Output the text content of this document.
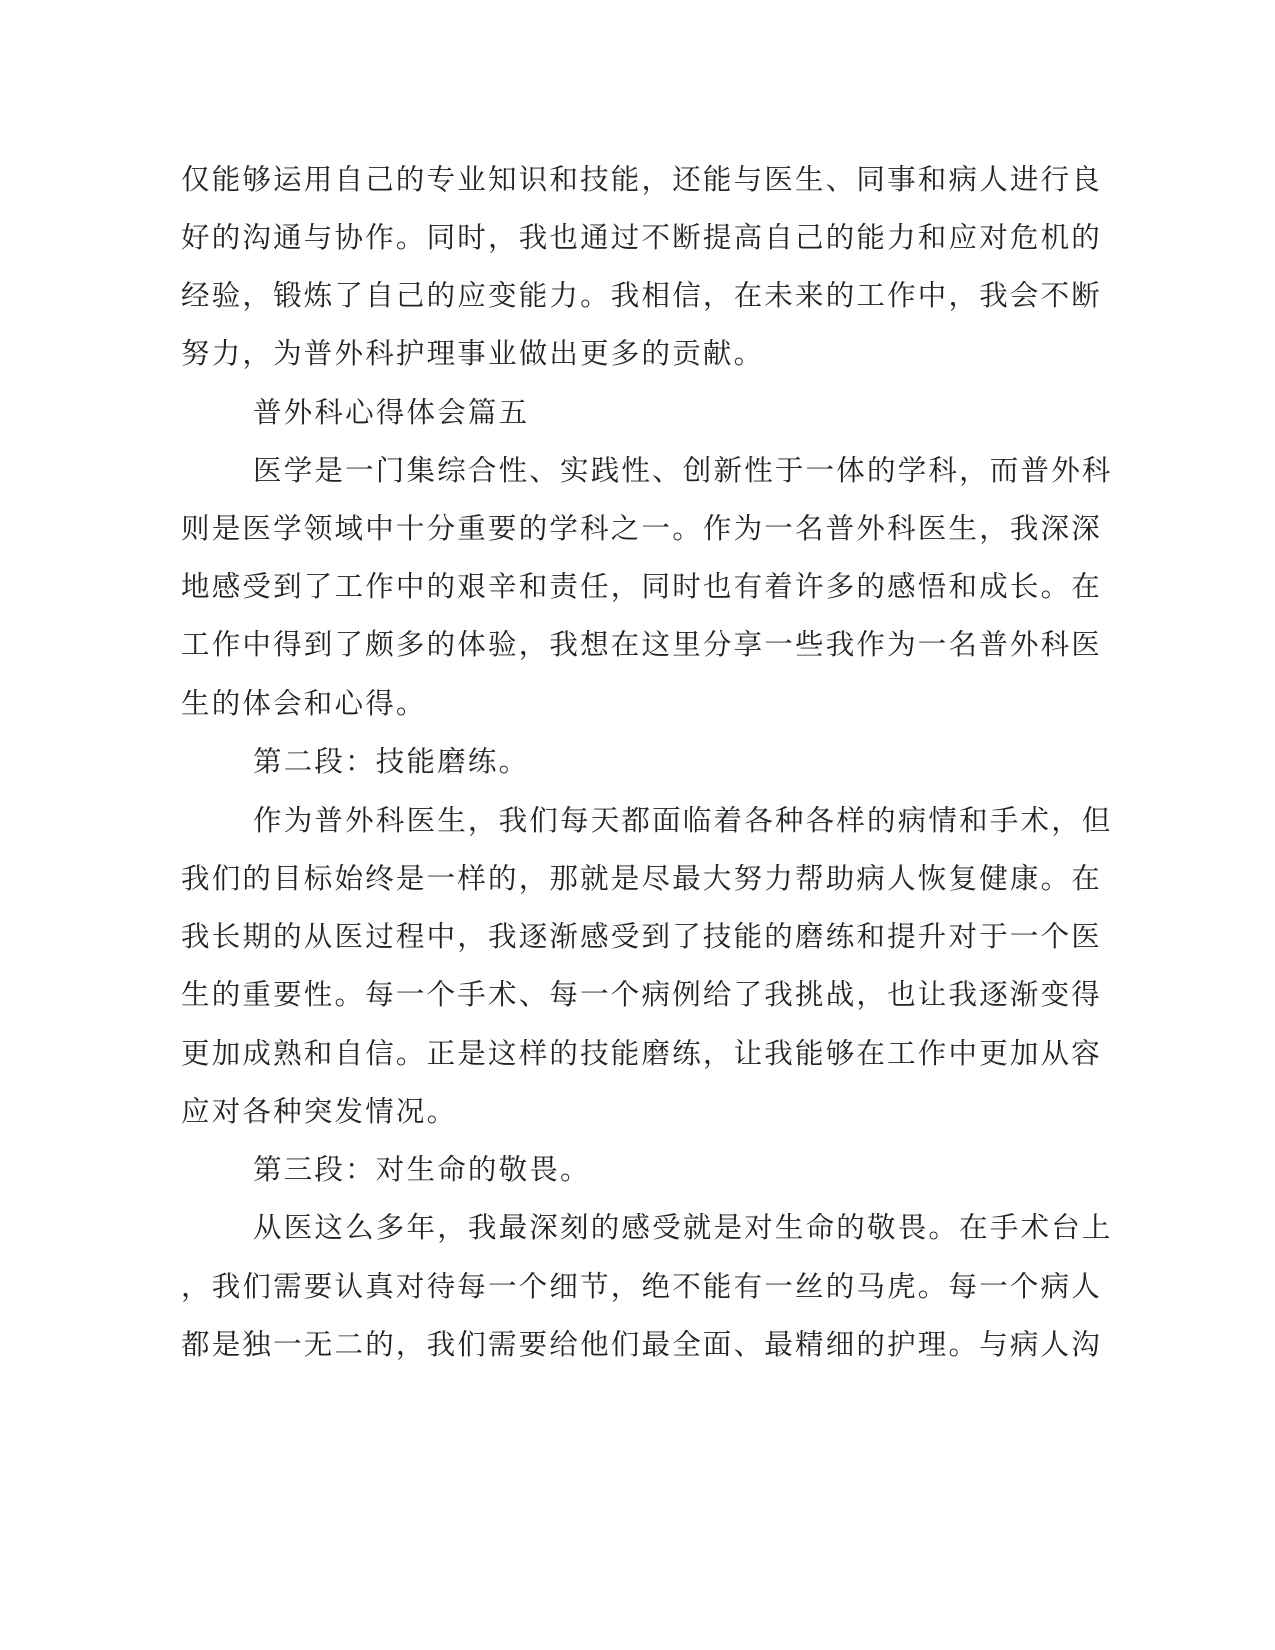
仅能够运用自己的专业知识和技能，还能与医生、同事和病人进行良

好的沟通与协作。同时，我也通过不断提高自己的能力和应对危机的

经验，锻炼了自己的应变能力。我相信，在未来的工作中，我会不断

努力，为普外科护理事业做出更多的贡献。

普外科心得体会篇五

医学是一门集综合性、实践性、创新性于一体的学科，而普外科

则是医学领域中十分重要的学科之一。作为一名普外科医生，我深深

地感受到了工作中的艰辛和责任，同时也有着许多的感悟和成长。在

工作中得到了颇多的体验，我想在这里分享一些我作为一名普外科医

生的体会和心得。

第二段：技能磨练。

作为普外科医生，我们每天都面临着各种各样的病情和手术，但

我们的目标始终是一样的，那就是尽最大努力帮助病人恢复健康。在

我长期的从医过程中，我逐渐感受到了技能的磨练和提升对于一个医

生的重要性。每一个手术、每一个病例给了我挑战，也让我逐渐变得

更加成熟和自信。正是这样的技能磨练，让我能够在工作中更加从容

应对各种突发情况。

第三段：对生命的敬畏。

从医这么多年，我最深刻的感受就是对生命的敬畏。在手术台上

，我们需要认真对待每一个细节，绝不能有一丝的马虎。每一个病人

都是独一无二的，我们需要给他们最全面、最精细的护理。与病人沟
